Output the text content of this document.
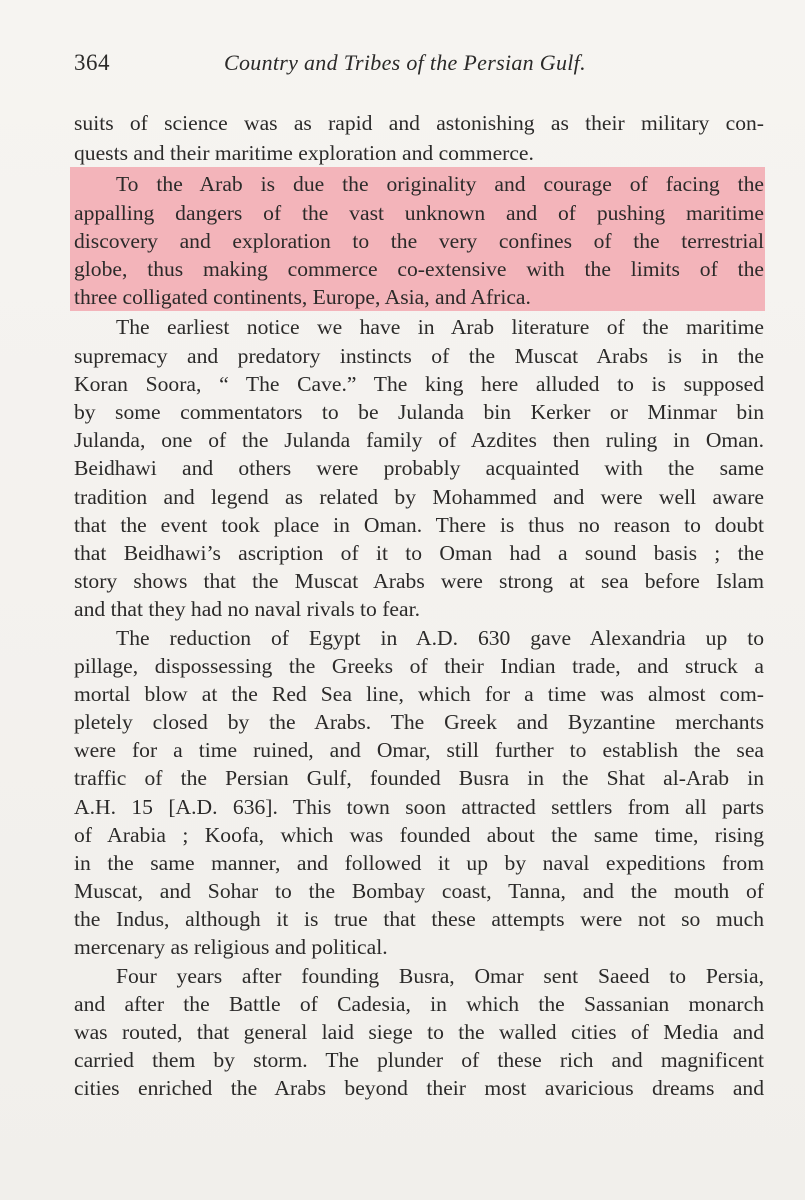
364	Country and Tribes of the Persian Gulf.
suits of science was as rapid and astonishing as their military con-
quests and their maritime exploration and commerce.
To the Arab is due the originality and courage of facing the
appalling dangers of the vast unknown and of pushing maritime
discovery and exploration to the very confines of the terrestrial
globe, thus making commerce co-extensive with the limits of the
three colligated continents, Europe, Asia, and Africa.
The earliest notice we have in Arab literature of the maritime
supremacy and predatory instincts of the Muscat Arabs is in the
Koran Soora, “ The Cave.” The king here alluded to is supposed
by some commentators to be Julanda bin Kerker or Minmar bin
Julanda, one of the Julanda family of Azdites then ruling in Oman.
Beidhawi and others were probably acquainted with the same
tradition and legend as related by Mohammed and were well aware
that the event took place in Oman. There is thus no reason to doubt
that Beidhawi’s ascription of it to Oman had a sound basis ; the
story shows that the Muscat Arabs were strong at sea before Islam
and that they had no naval rivals to fear.
The reduction of Egypt in A.D. 630 gave Alexandria up to
pillage, dispossessing the Greeks of their Indian trade, and struck a
mortal blow at the Red Sea line, which for a time was almost com-
pletely closed by the Arabs. The Greek and Byzantine merchants
were for a time ruined, and Omar, still further to establish the sea
traffic of the Persian Gulf, founded Busra in the Shat al-Arab in
A.H. 15 [A.D. 636]. This town soon attracted settlers from all parts
of Arabia ; Koofa, which was founded about the same time, rising
in the same manner, and followed it up by naval expeditions from
Muscat, and Sohar to the Bombay coast, Tanna, and the mouth of
the Indus, although it is true that these attempts were not so much
mercenary as religious and political.
Four years after founding Busra, Omar sent Saeed to Persia,
and after the Battle of Cadesia, in which the Sassanian monarch
was routed, that general laid siege to the walled cities of Media and
carried them by storm. The plunder of these rich and magnificent
cities enriched the Arabs beyond their most avaricious dreams and
